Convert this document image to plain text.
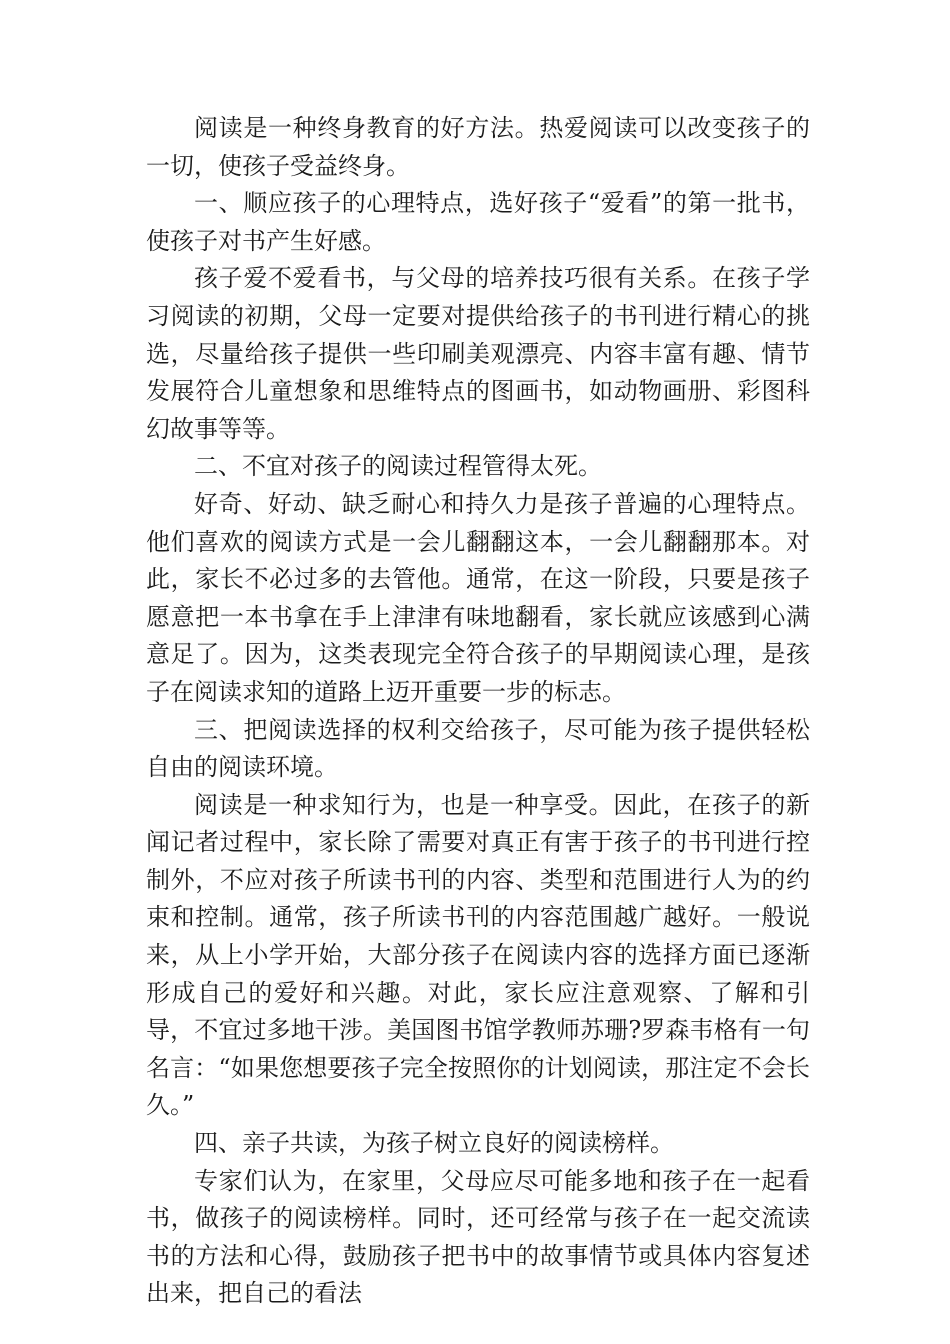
阅读是一种终身教育的好方法。热爱阅读可以改变孩子的一切，使孩子受益终身。

一、顺应孩子的心理特点，选好孩子“爱看”的第一批书，使孩子对书产生好感。

孩子爱不爱看书，与父母的培养技巧很有关系。在孩子学习阅读的初期，父母一定要对提供给孩子的书刊进行精心的挑选，尽量给孩子提供一些印刷美观漂亮、内容丰富有趣、情节发展符合儿童想象和思维特点的图画书，如动物画册、彩图科幻故事等等。

二、不宜对孩子的阅读过程管得太死。

好奇、好动、缺乏耐心和持久力是孩子普遍的心理特点。他们喜欢的阅读方式是一会儿翻翻这本，一会儿翻翻那本。对此，家长不必过多的去管他。通常，在这一阶段，只要是孩子愿意把一本书拿在手上津津有味地翻看，家长就应该感到心满意足了。因为，这类表现完全符合孩子的早期阅读心理，是孩子在阅读求知的道路上迈开重要一步的标志。

三、把阅读选择的权利交给孩子，尽可能为孩子提供轻松自由的阅读环境。

阅读是一种求知行为，也是一种享受。因此，在孩子的新闻记者过程中，家长除了需要对真正有害于孩子的书刊进行控制外，不应对孩子所读书刊的内容、类型和范围进行人为的约束和控制。通常，孩子所读书刊的内容范围越广越好。一般说来，从上小学开始，大部分孩子在阅读内容的选择方面已逐渐形成自己的爱好和兴趣。对此，家长应注意观察、了解和引导，不宜过多地干涉。美国图书馆学教师苏珊?罗森韦格有一句名言：“如果您想要孩子完全按照你的计划阅读，那注定不会长久。”

四、亲子共读，为孩子树立良好的阅读榜样。

专家们认为，在家里，父母应尽可能多地和孩子在一起看书，做孩子的阅读榜样。同时，还可经常与孩子在一起交流读书的方法和心得，鼓励孩子把书中的故事情节或具体内容复述出来，把自己的看法
